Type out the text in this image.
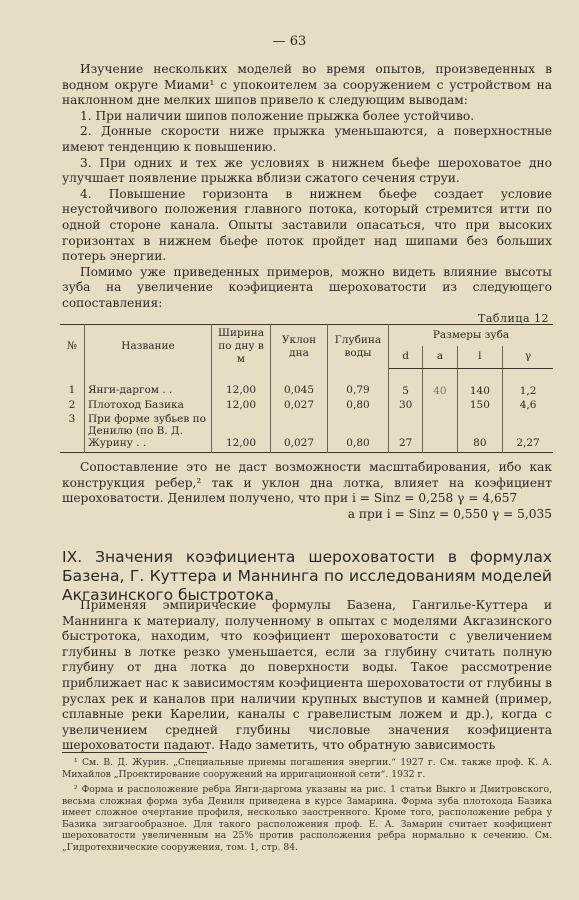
— 63

Изучение нескольких моделей во время опытов, произведенных в водном округе Миами¹ с упокоителем за сооружением с устройством на наклонном дне мелких шипов привело к следующим выводам:

1. При наличии шипов положение прыжка более устойчиво.

2. Донные скорости ниже прыжка уменьшаются, а поверхностные имеют тенденцию к повышению.

3. При одних и тех же условиях в нижнем бьефе шероховатое дно улучшает появление прыжка вблизи сжатого сечения струи.

4. Повышение горизонта в нижнем бьефе создает условие неустойчивого положения главного потока, который стремится итти по одной стороне канала. Опыты заставили опасаться, что при высоких горизонтах в нижнем бьефе поток пройдет над шипами без больших потерь энергии.

Помимо уже приведенных примеров, можно видеть влияние высоты зуба на увеличение коэфициента шероховатости из следующего сопоставления:

Таблица 12
№	Название	Ширина по дну в м	Уклон дна	Глубина воды	Размеры зуба			
					d	a	l	γ
1	Янги-даргом . .	12,00	0,045	0,79	5	40	140	1,2
2	Плотоход Базика	12,00	0,027	0,80	30		150	4,6
3	При форме зубьев по Денилю (по В. Д. Журину . .	12,00	0,027	0,80	27		80	2,27

Сопоставление это не даст возможности масштабирования, ибо как конструкция ребер,² так и уклон дна лотка, влияет на коэфициент шероховатости. Денилем получено, что при i = Sinz = 0,258 γ = 4,657

а при i = Sinz = 0,550 γ = 5,035

IX. Значения коэфициента шероховатости в формулах Базена, Г. Куттера и Маннинга по исследованиям моделей Акгазинского быстротока

Применяя эмпирические формулы Базена, Гангилье-Куттера и Маннинга к материалу, полученному в опытах с моделями Акгазинского быстротока, находим, что коэфициент шероховатости с увеличением глубины в лотке резко уменьшается, если за глубину считать полную глубину от дна лотка до поверхности воды. Такое рассмотрение приближает нас к зависимостям коэфициента шероховатости от глубины в руслах рек и каналов при наличии крупных выступов и камней (пример, сплавные реки Карелии, каналы с гравелистым ложем и др.), когда с увеличением средней глубины числовые значения коэфициента шероховатости падают. Надо заметить, что обратную зависимость

¹ См. В. Д. Журин. „Специальные приемы погашения энергии.“ 1927 г. См. также проф. К. А. Михайлов „Проектирование сооружений на ирригационной сети“. 1932 г.

² Форма и расположение ребра Янги-даргома указаны на рис. 1 статьи Выкго и Дмитровского, весьма сложная форма зуба Дениля приведена в курсе Замарина. Форма зуба плотохода Базика имеет сложное очертание профиля, несколько заостренного. Кроме того, расположение ребра у Базика зигзагообразное. Для такого расположения проф. Е. А. Замарин считает коэфициент шероховатости увеличенным на 25% против расположения ребра нормально к сечению. См. „Гидротехнические сооружения, том. 1, стр. 84.
